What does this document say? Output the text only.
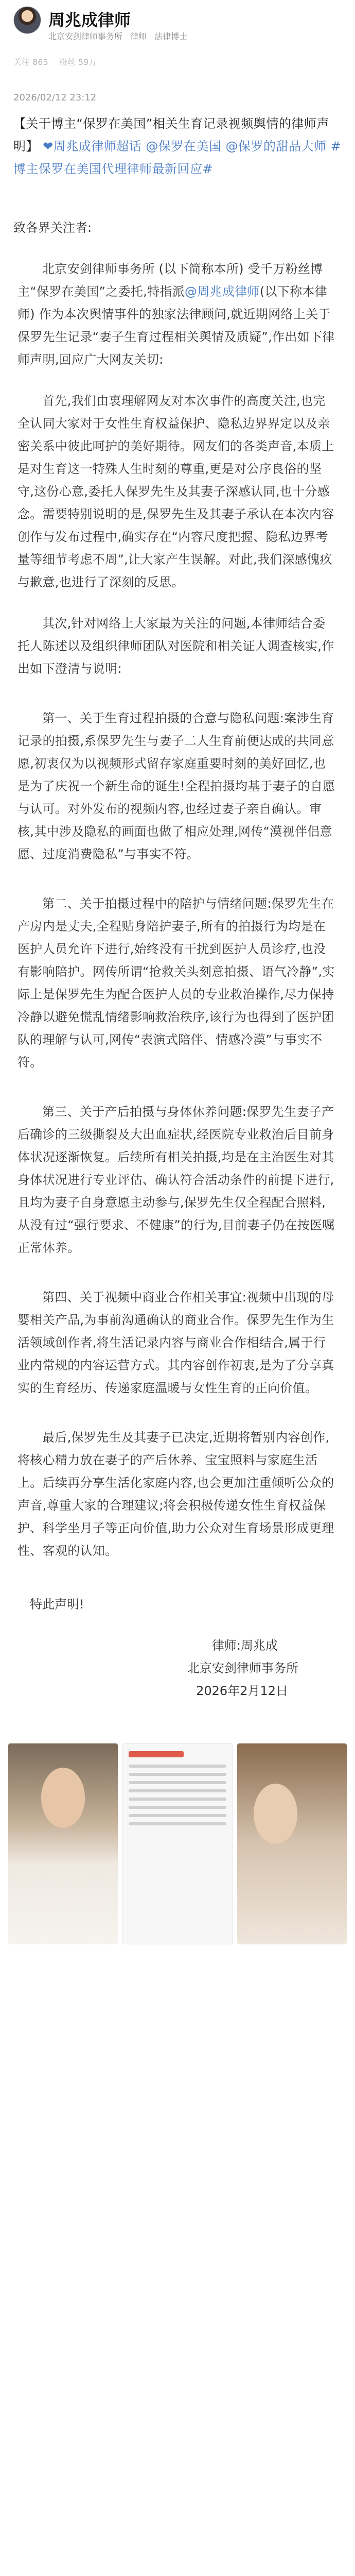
周兆成律师
北京安剑律师事务所 律师 法律博士
关注 865 粉丝 59万
2026/02/12 23:12
【关于博主“保罗在美国”相关生育记录视频舆情的律师声明】 ❤周兆成律师超话 @保罗在美国 @保罗的甜品大师 #博主保罗在美国代理律师最新回应#
致各界关注者:
北京安剑律师事务所 (以下简称本所) 受千万粉丝博主“保罗在美国”之委托,特指派@周兆成律师(以下称本律师) 作为本次舆情事件的独家法律顾问,就近期网络上关于保罗先生记录“妻子生育过程相关舆情及质疑”,作出如下律师声明,回应广大网友关切:
首先,我们由衷理解网友对本次事件的高度关注,也完全认同大家对于女性生育权益保护、隐私边界界定以及亲密关系中彼此呵护的美好期待。网友们的各类声音,本质上是对生育这一特殊人生时刻的尊重,更是对公序良俗的坚守,这份心意,委托人保罗先生及其妻子深感认同,也十分感念。需要特别说明的是,保罗先生及其妻子承认在本次内容创作与发布过程中,确实存在“内容尺度把握、隐私边界考量等细节考虑不周”,让大家产生误解。对此,我们深感愧疚与歉意,也进行了深刻的反思。
其次,针对网络上大家最为关注的问题,本律师结合委托人陈述以及组织律师团队对医院和相关证人调查核实,作出如下澄清与说明:
第一、关于生育过程拍摄的合意与隐私问题:案涉生育记录的拍摄,系保罗先生与妻子二人生育前便达成的共同意愿,初衷仅为以视频形式留存家庭重要时刻的美好回忆,也是为了庆祝一个新生命的诞生!全程拍摄均基于妻子的自愿与认可。对外发布的视频内容,也经过妻子亲自确认。审核,其中涉及隐私的画面也做了相应处理,网传“漠视伴侣意愿、过度消费隐私”与事实不符。
第二、关于拍摄过程中的陪护与情绪问题:保罗先生在产房内是丈夫,全程贴身陪护妻子,所有的拍摄行为均是在医护人员允许下进行,始终没有干扰到医护人员诊疗,也没有影响陪护。网传所谓“抢救关头刻意拍摄、语气冷静”,实际上是保罗先生为配合医护人员的专业救治操作,尽力保持冷静以避免慌乱情绪影响救治秩序,该行为也得到了医护团队的理解与认可,网传“表演式陪伴、情感冷漠”与事实不符。
第三、关于产后拍摄与身体休养问题:保罗先生妻子产后确诊的三级撕裂及大出血症状,经医院专业救治后目前身体状况逐渐恢复。后续所有相关拍摄,均是在主治医生对其身体状况进行专业评估、确认符合活动条件的前提下进行,且均为妻子自身意愿主动参与,保罗先生仅全程配合照料,从没有过“强行要求、不健康”的行为,目前妻子仍在按医嘱正常休养。
第四、关于视频中商业合作相关事宜:视频中出现的母婴相关产品,为事前沟通确认的商业合作。保罗先生作为生活领域创作者,将生活记录内容与商业合作相结合,属于行业内常规的内容运营方式。其内容创作初衷,是为了分享真实的生育经历、传递家庭温暖与女性生育的正向价值。
最后,保罗先生及其妻子已决定,近期将暂别内容创作,将核心精力放在妻子的产后休养、宝宝照料与家庭生活上。后续再分享生活化家庭内容,也会更加注重倾听公众的声音,尊重大家的合理建议;将会积极传递女性生育权益保护、科学坐月子等正向价值,助力公众对生育场景形成更理性、客观的认知。
特此声明!
律师:周兆成
北京安剑律师事务所
2026年2月12日
